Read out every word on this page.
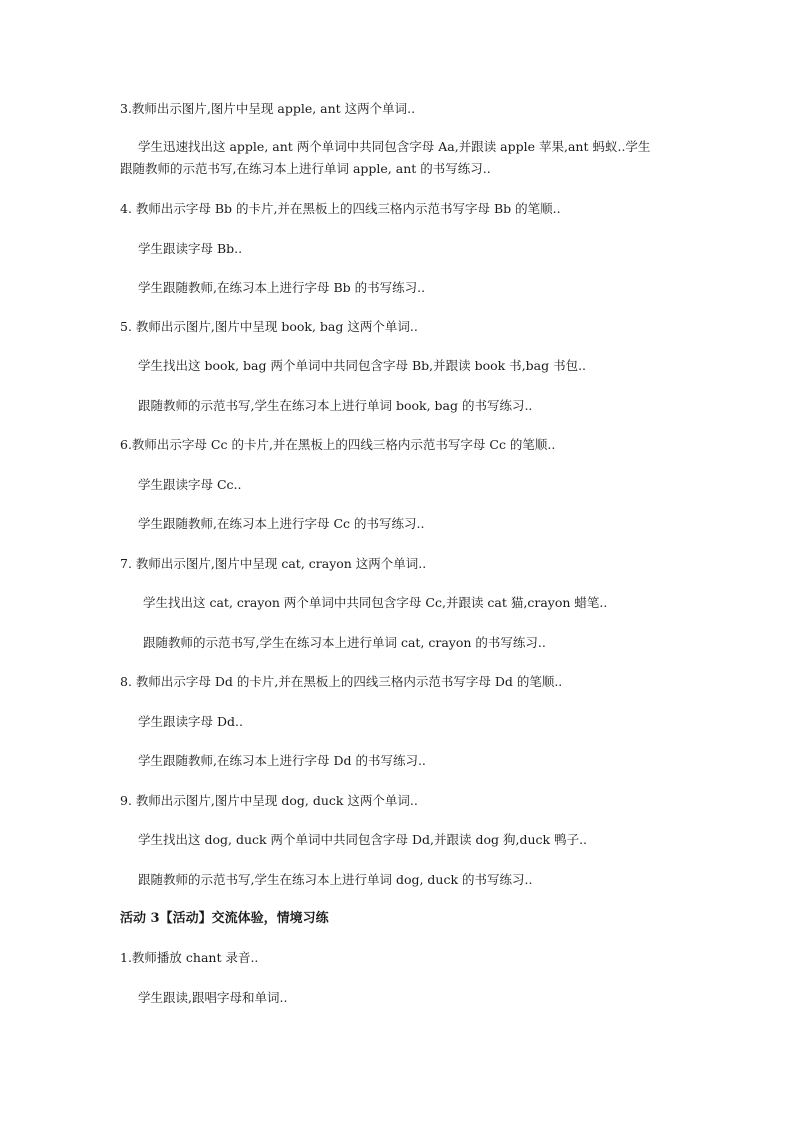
3.教师出示图片,图片中呈现 apple, ant 这两个单词..
学生迅速找出这 apple, ant 两个单词中共同包含字母 Aa,并跟读 apple 苹果,ant 蚂蚁..学生
跟随教师的示范书写,在练习本上进行单词 apple, ant 的书写练习..
4. 教师出示字母 Bb 的卡片,并在黑板上的四线三格内示范书写字母 Bb 的笔顺..
学生跟读字母 Bb..
学生跟随教师,在练习本上进行字母 Bb 的书写练习..
5. 教师出示图片,图片中呈现 book, bag 这两个单词..
学生找出这 book, bag 两个单词中共同包含字母 Bb,并跟读 book 书,bag 书包..
跟随教师的示范书写,学生在练习本上进行单词 book, bag 的书写练习..
6.教师出示字母 Cc 的卡片,并在黑板上的四线三格内示范书写字母 Cc 的笔顺..
学生跟读字母 Cc..
学生跟随教师,在练习本上进行字母 Cc 的书写练习..
7. 教师出示图片,图片中呈现 cat, crayon 这两个单词..
学生找出这 cat, crayon 两个单词中共同包含字母 Cc,并跟读 cat 猫,crayon 蜡笔..
跟随教师的示范书写,学生在练习本上进行单词 cat, crayon 的书写练习..
8. 教师出示字母 Dd 的卡片,并在黑板上的四线三格内示范书写字母 Dd 的笔顺..
学生跟读字母 Dd..
学生跟随教师,在练习本上进行字母 Dd 的书写练习..
9. 教师出示图片,图片中呈现 dog, duck 这两个单词..
学生找出这 dog, duck 两个单词中共同包含字母 Dd,并跟读 dog 狗,duck 鸭子..
跟随教师的示范书写,学生在练习本上进行单词 dog, duck 的书写练习..
活动 3【活动】交流体验，情境习练
1.教师播放 chant 录音..
学生跟读,跟唱字母和单词..
